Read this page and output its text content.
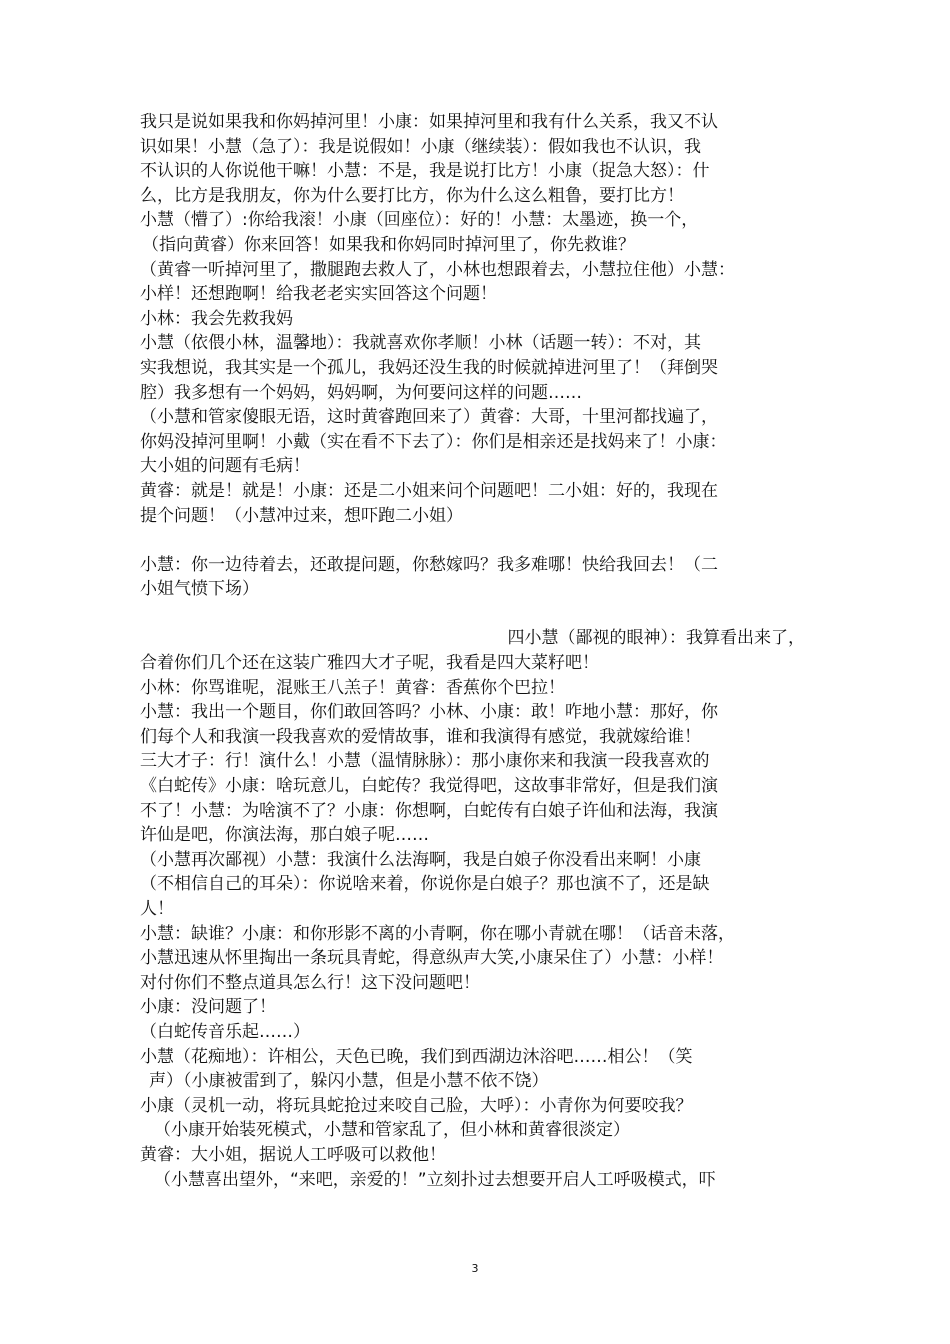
我只是说如果我和你妈掉河里！小康：如果掉河里和我有什么关系，我又不认
识如果！小慧（急了）：我是说假如！小康（继续装）：假如我也不认识，我
不认识的人你说他干嘛！小慧：不是，我是说打比方！小康（捉急大怒）：什
么，比方是我朋友，你为什么要打比方，你为什么这么粗鲁，要打比方！
小慧（懵了）:你给我滚！小康（回座位）：好的！小慧：太墨迹，换一个，
（指向黄睿）你来回答！如果我和你妈同时掉河里了，你先救谁？
（黄睿一听掉河里了，撒腿跑去救人了，小林也想跟着去，小慧拉住他）小慧：
小样！还想跑啊！给我老老实实回答这个问题！
小林：我会先救我妈
小慧（依偎小林，温馨地）：我就喜欢你孝顺！小林（话题一转）：不对，其
实我想说，我其实是一个孤儿，我妈还没生我的时候就掉进河里了！（拜倒哭
腔）我多想有一个妈妈，妈妈啊，为何要问这样的问题……
（小慧和管家傻眼无语，这时黄睿跑回来了）黄睿：大哥，十里河都找遍了，
你妈没掉河里啊！小戴（实在看不下去了）：你们是相亲还是找妈来了！小康：
大小姐的问题有毛病！
黄睿：就是！就是！小康：还是二小姐来问个问题吧！二小姐：好的，我现在
提个问题！（小慧冲过来，想吓跑二小姐）
小慧：你一边待着去，还敢提问题，你愁嫁吗？我多难哪！快给我回去！（二
小姐气愤下场）
四小慧（鄙视的眼神）：我算看出来了，
合着你们几个还在这装广雅四大才子呢，我看是四大菜籽吧！
小林：你骂谁呢，混账王八羔子！黄睿：香蕉你个巴拉！
小慧：我出一个题目，你们敢回答吗？小林、小康：敢！咋地小慧：那好，你
们每个人和我演一段我喜欢的爱情故事，谁和我演得有感觉，我就嫁给谁！
三大才子：行！演什么！小慧（温情脉脉）：那小康你来和我演一段我喜欢的
《白蛇传》小康：啥玩意儿，白蛇传？我觉得吧，这故事非常好，但是我们演
不了！小慧：为啥演不了？小康：你想啊，白蛇传有白娘子许仙和法海，我演
许仙是吧，你演法海，那白娘子呢……
（小慧再次鄙视）小慧：我演什么法海啊，我是白娘子你没看出来啊！小康
（不相信自己的耳朵）：你说啥来着，你说你是白娘子？那也演不了，还是缺
人！
小慧：缺谁？小康：和你形影不离的小青啊，你在哪小青就在哪！（话音未落，
小慧迅速从怀里掏出一条玩具青蛇，得意纵声大笑,小康呆住了）小慧：小样！
对付你们不整点道具怎么行！这下没问题吧！
小康：没问题了！
（白蛇传音乐起……）
小慧（花痴地）：许相公，天色已晚，我们到西湖边沐浴吧……相公！（笑
声）（小康被雷到了，躲闪小慧，但是小慧不依不饶）
小康（灵机一动，将玩具蛇抢过来咬自己脸，大呼）：小青你为何要咬我？
（小康开始装死模式，小慧和管家乱了，但小林和黄睿很淡定）
黄睿：大小姐，据说人工呼吸可以救他！
（小慧喜出望外，“来吧，亲爱的！”立刻扑过去想要开启人工呼吸模式，吓
3
